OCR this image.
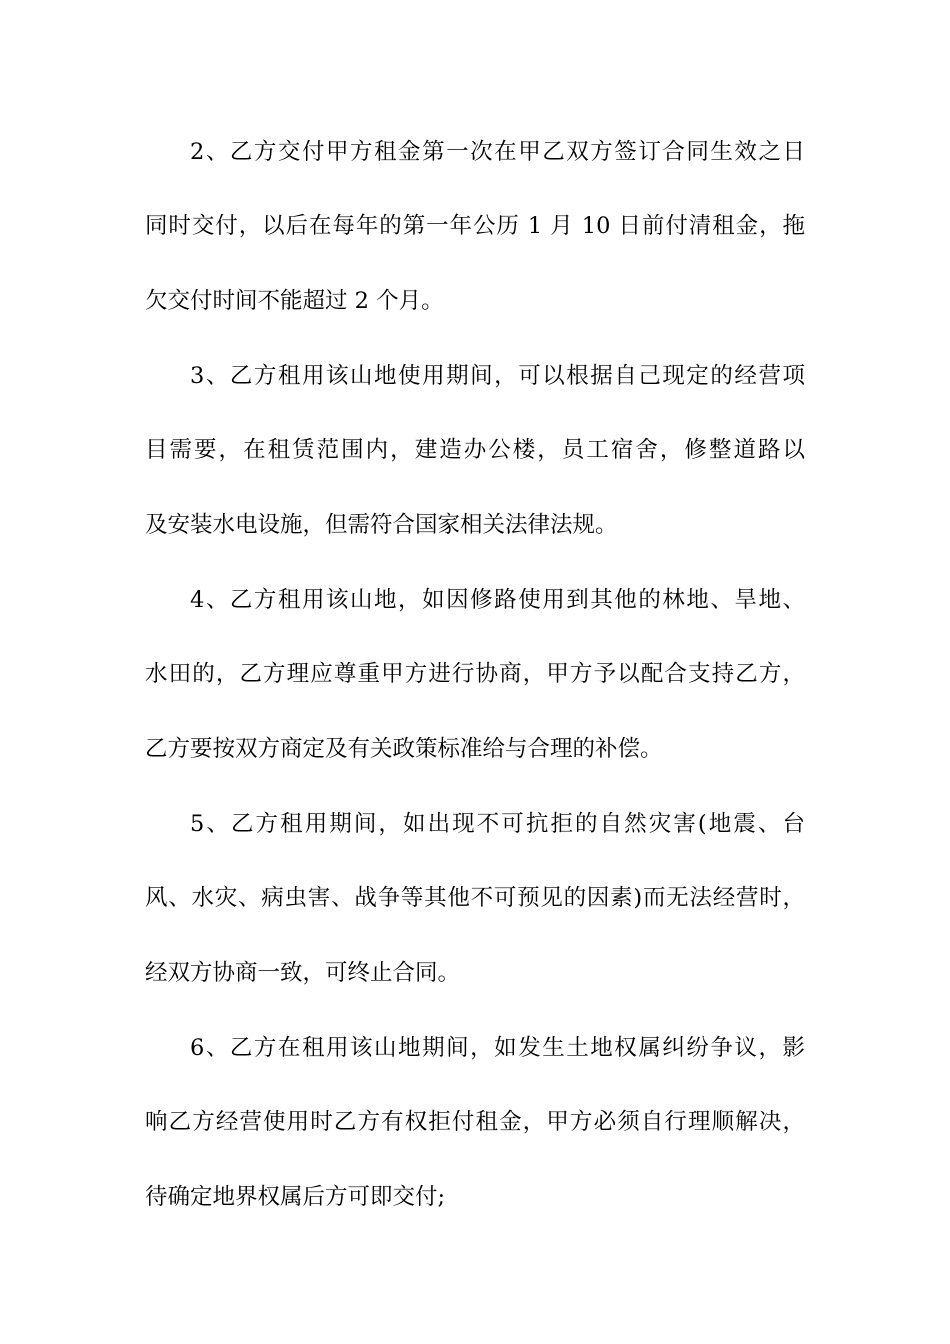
2、乙方交付甲方租金第一次在甲乙双方签订合同生效之日
同时交付，以后在每年的第一年公历 1 月 10 日前付清租金，拖
欠交付时间不能超过 2 个月。
3、乙方租用该山地使用期间，可以根据自己现定的经营项
目需要，在租赁范围内，建造办公楼，员工宿舍，修整道路以
及安装水电设施，但需符合国家相关法律法规。
4、乙方租用该山地，如因修路使用到其他的林地、旱地、
水田的，乙方理应尊重甲方进行协商，甲方予以配合支持乙方，
乙方要按双方商定及有关政策标准给与合理的补偿。
5、乙方租用期间，如出现不可抗拒的自然灾害(地震、台
风、水灾、病虫害、战争等其他不可预见的因素)而无法经营时，
经双方协商一致，可终止合同。
6、乙方在租用该山地期间，如发生土地权属纠纷争议，影
响乙方经营使用时乙方有权拒付租金，甲方必须自行理顺解决，
待确定地界权属后方可即交付;
